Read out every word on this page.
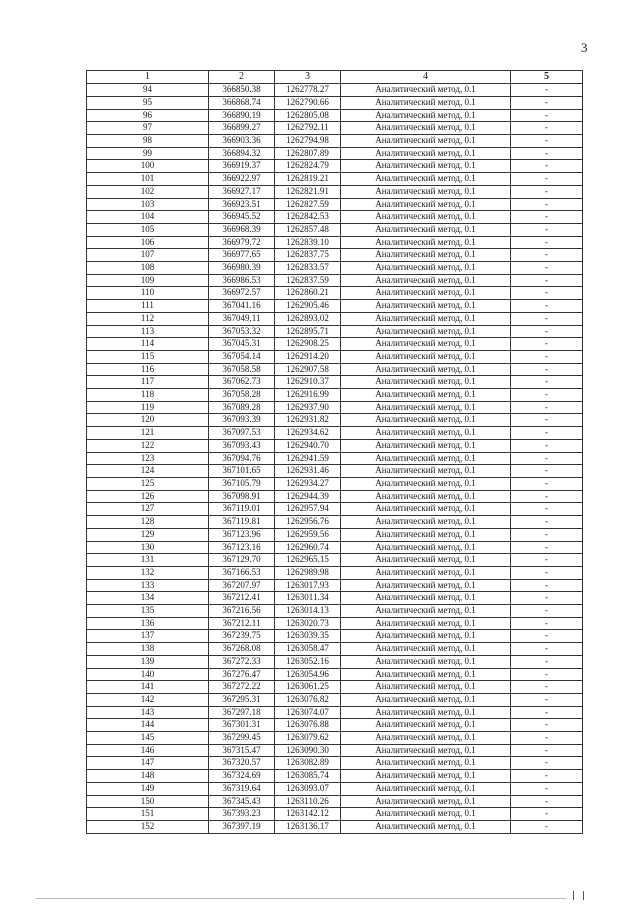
3
1	2	3	4	5
94	366850.38	1262778.27	Аналитический метод, 0.1	-
95	366868.74	1262790.66	Аналитический метод, 0.1	-
96	366890.19	1262805.08	Аналитический метод, 0.1	-
97	366899.27	1262792.11	Аналитический метод, 0.1	-
98	366903.36	1262794.98	Аналитический метод, 0.1	-
99	366894.32	1262807.89	Аналитический метод, 0.1	-
100	366919.37	1262824.79	Аналитический метод, 0.1	-
101	366922.97	1262819.21	Аналитический метод, 0.1	-
102	366927.17	1262821.91	Аналитический метод, 0.1	-
103	366923.51	1262827.59	Аналитический метод, 0.1	-
104	366945.52	1262842.53	Аналитический метод, 0.1	-
105	366968.39	1262857.48	Аналитический метод, 0.1	-
106	366979.72	1262839.10	Аналитический метод, 0.1	-
107	366977.65	1262837.75	Аналитический метод, 0.1	-
108	366980.39	1262833.57	Аналитический метод, 0.1	-
109	366986.53	1262837.59	Аналитический метод, 0.1	-
110	366972.57	1262860.21	Аналитический метод, 0.1	-
111	367041.16	1262905.46	Аналитический метод, 0.1	-
112	367049.11	1262893.02	Аналитический метод, 0.1	-
113	367053.32	1262895.71	Аналитический метод, 0.1	-
114	367045.31	1262908.25	Аналитический метод, 0.1	-
115	367054.14	1262914.20	Аналитический метод, 0.1	-
116	367058.58	1262907.58	Аналитический метод, 0.1	-
117	367062.73	1262910.37	Аналитический метод, 0.1	-
118	367058.28	1262916.99	Аналитический метод, 0.1	-
119	367089.28	1262937.90	Аналитический метод, 0.1	-
120	367093.39	1262931.82	Аналитический метод, 0.1	-
121	367097.53	1262934.62	Аналитический метод, 0.1	-
122	367093.43	1262940.70	Аналитический метод, 0.1	-
123	367094.76	1262941.59	Аналитический метод, 0.1	-
124	367101.65	1262931.46	Аналитический метод, 0.1	-
125	367105.79	1262934.27	Аналитический метод, 0.1	-
126	367098.91	1262944.39	Аналитический метод, 0.1	-
127	367119.01	1262957.94	Аналитический метод, 0.1	-
128	367119.81	1262956.76	Аналитический метод, 0.1	-
129	367123.96	1262959.56	Аналитический метод, 0.1	-
130	367123.16	1262960.74	Аналитический метод, 0.1	-
131	367129.70	1262965.15	Аналитический метод, 0.1	-
132	367166.53	1262989.98	Аналитический метод, 0.1	-
133	367207.97	1263017.93	Аналитический метод, 0.1	-
134	367212.41	1263011.34	Аналитический метод, 0.1	-
135	367216.56	1263014.13	Аналитический метод, 0.1	-
136	367212.11	1263020.73	Аналитический метод, 0.1	-
137	367239.75	1263039.35	Аналитический метод, 0.1	-
138	367268.08	1263058.47	Аналитический метод, 0.1	-
139	367272.33	1263052.16	Аналитический метод, 0.1	-
140	367276.47	1263054.96	Аналитический метод, 0.1	-
141	367272.22	1263061.25	Аналитический метод, 0.1	-
142	367295.31	1263076.82	Аналитический метод, 0.1	-
143	367297.18	1263074.07	Аналитический метод, 0.1	-
144	367301.31	1263076.88	Аналитический метод, 0.1	-
145	367299.45	1263079.62	Аналитический метод, 0.1	-
146	367315.47	1263090.30	Аналитический метод, 0.1	-
147	367320.57	1263082.89	Аналитический метод, 0.1	-
148	367324.69	1263085.74	Аналитический метод, 0.1	-
149	367319.64	1263093.07	Аналитический метод, 0.1	-
150	367345.43	1263110.26	Аналитический метод, 0.1	-
151	367393.23	1263142.12	Аналитический метод, 0.1	-
152	367397.19	1263136.17	Аналитический метод, 0.1	-
